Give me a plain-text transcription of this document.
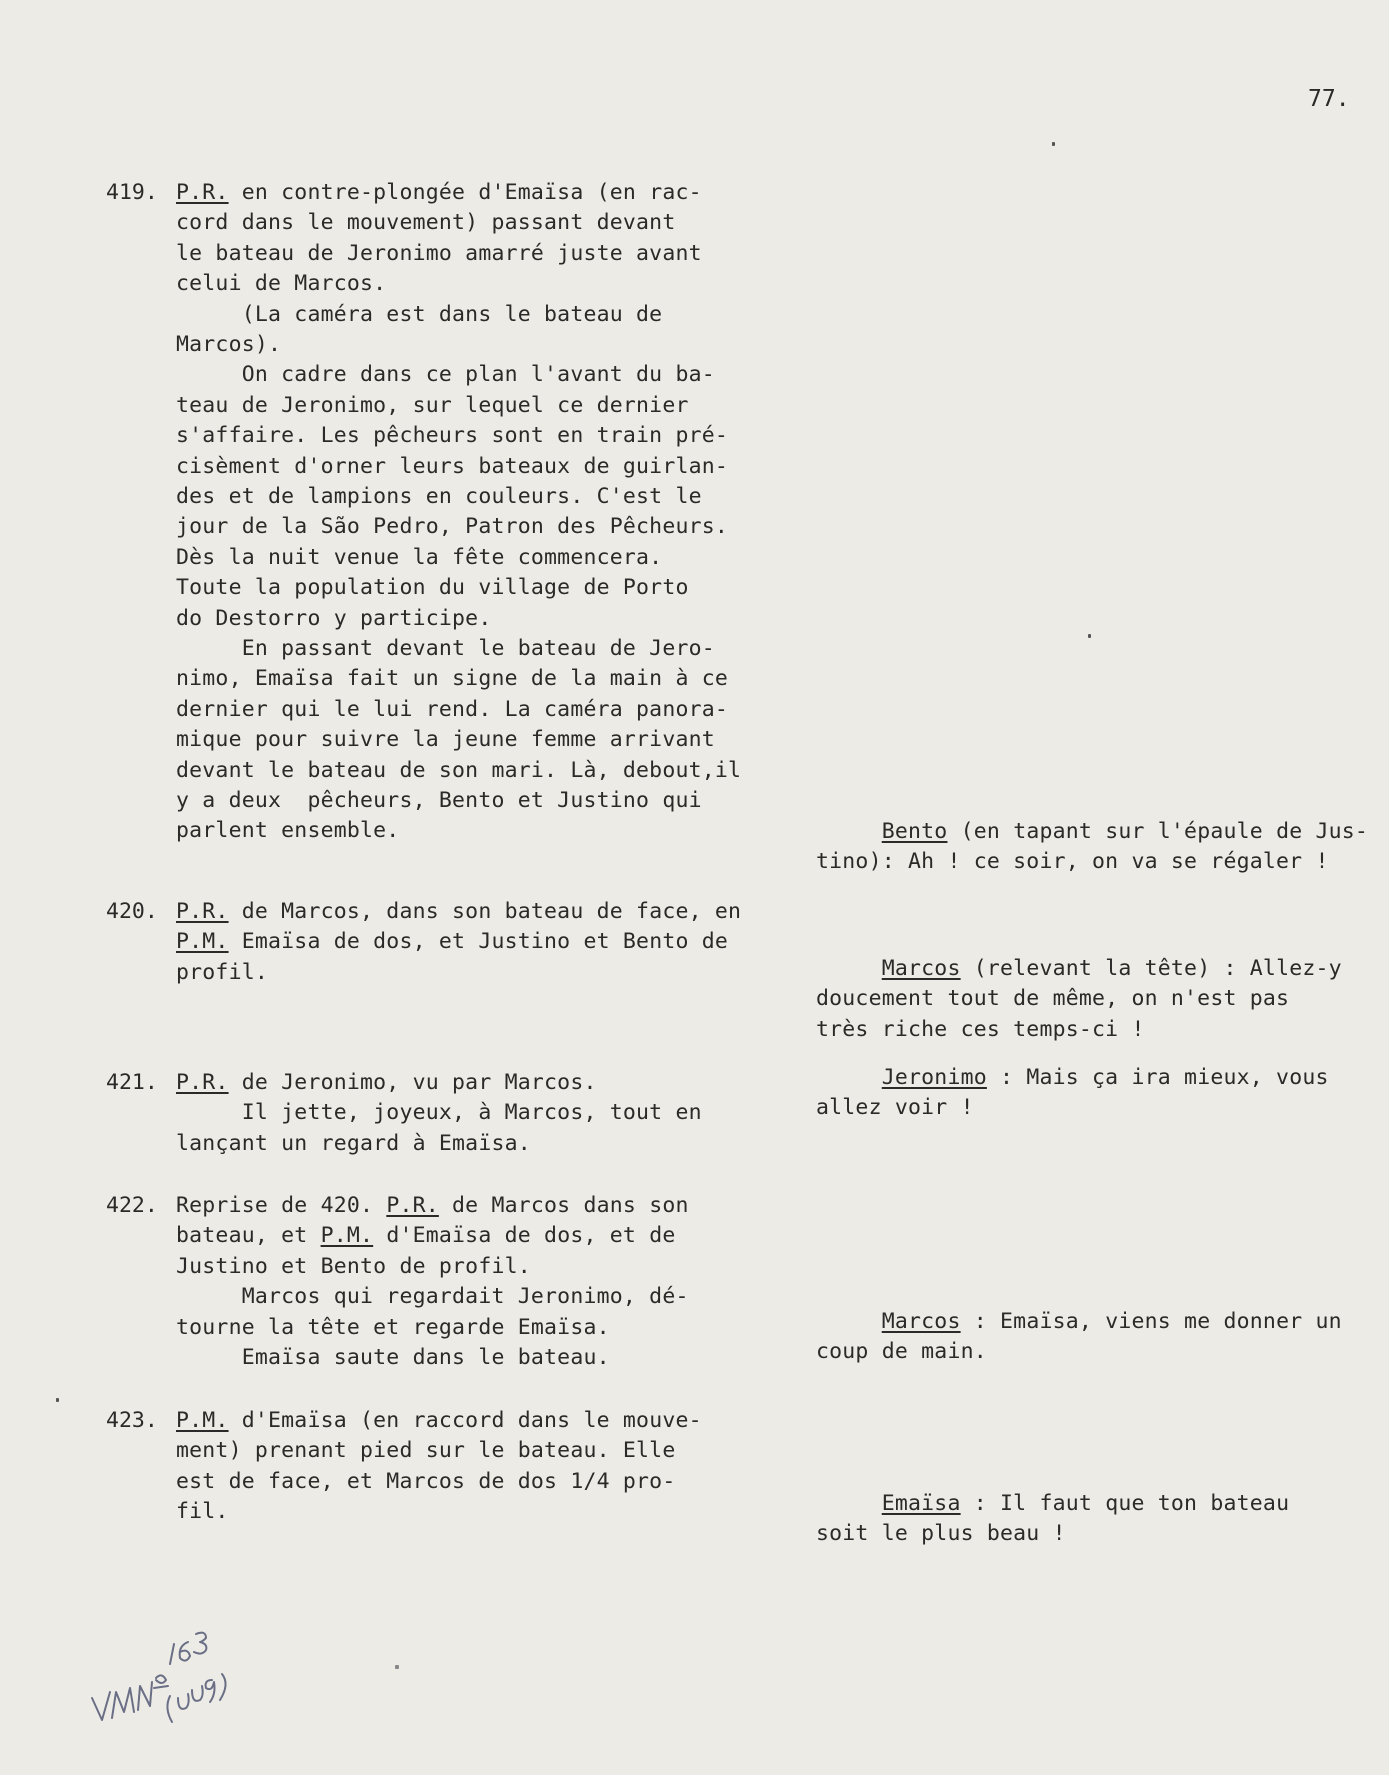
77.
419. P.R. en contre-plongée d'Emaïsa (en rac-
cord dans le mouvement) passant devant
le bateau de Jeronimo amarré juste avant
celui de Marcos.
(La caméra est dans le bateau de
Marcos).
On cadre dans ce plan l'avant du ba-
teau de Jeronimo, sur lequel ce dernier
s'affaire. Les pêcheurs sont en train pré-
cisèment d'orner leurs bateaux de guirlan-
des et de lampions en couleurs. C'est le
jour de la São Pedro, Patron des Pêcheurs.
Dès la nuit venue la fête commencera.
Toute la population du village de Porto
do Destorro y participe.
En passant devant le bateau de Jero-
nimo, Emaïsa fait un signe de la main à ce
dernier qui le lui rend. La caméra panora-
mique pour suivre la jeune femme arrivant
devant le bateau de son mari. Là, debout,il
y a deux  pêcheurs, Bento et Justino qui
parlent ensemble.
420. P.R. de Marcos, dans son bateau de face, en
P.M. Emaïsa de dos, et Justino et Bento de
profil.
421. P.R. de Jeronimo, vu par Marcos.
Il jette, joyeux, à Marcos, tout en
lançant un regard à Emaïsa.
422. Reprise de 420. P.R. de Marcos dans son
bateau, et P.M. d'Emaïsa de dos, et de
Justino et Bento de profil.
Marcos qui regardait Jeronimo, dé-
tourne la tête et regarde Emaïsa.
Emaïsa saute dans le bateau.
423. P.M. d'Emaïsa (en raccord dans le mouve-
ment) prenant pied sur le bateau. Elle
est de face, et Marcos de dos 1/4 pro-
fil.
Bento (en tapant sur l'épaule de Jus-
tino): Ah ! ce soir, on va se régaler !
Marcos (relevant la tête) : Allez-y
doucement tout de même, on n'est pas
très riche ces temps-ci !
Jeronimo : Mais ça ira mieux, vous
allez voir !
Marcos : Emaïsa, viens me donner un
coup de main.
Emaïsa : Il faut que ton bateau
soit le plus beau !
